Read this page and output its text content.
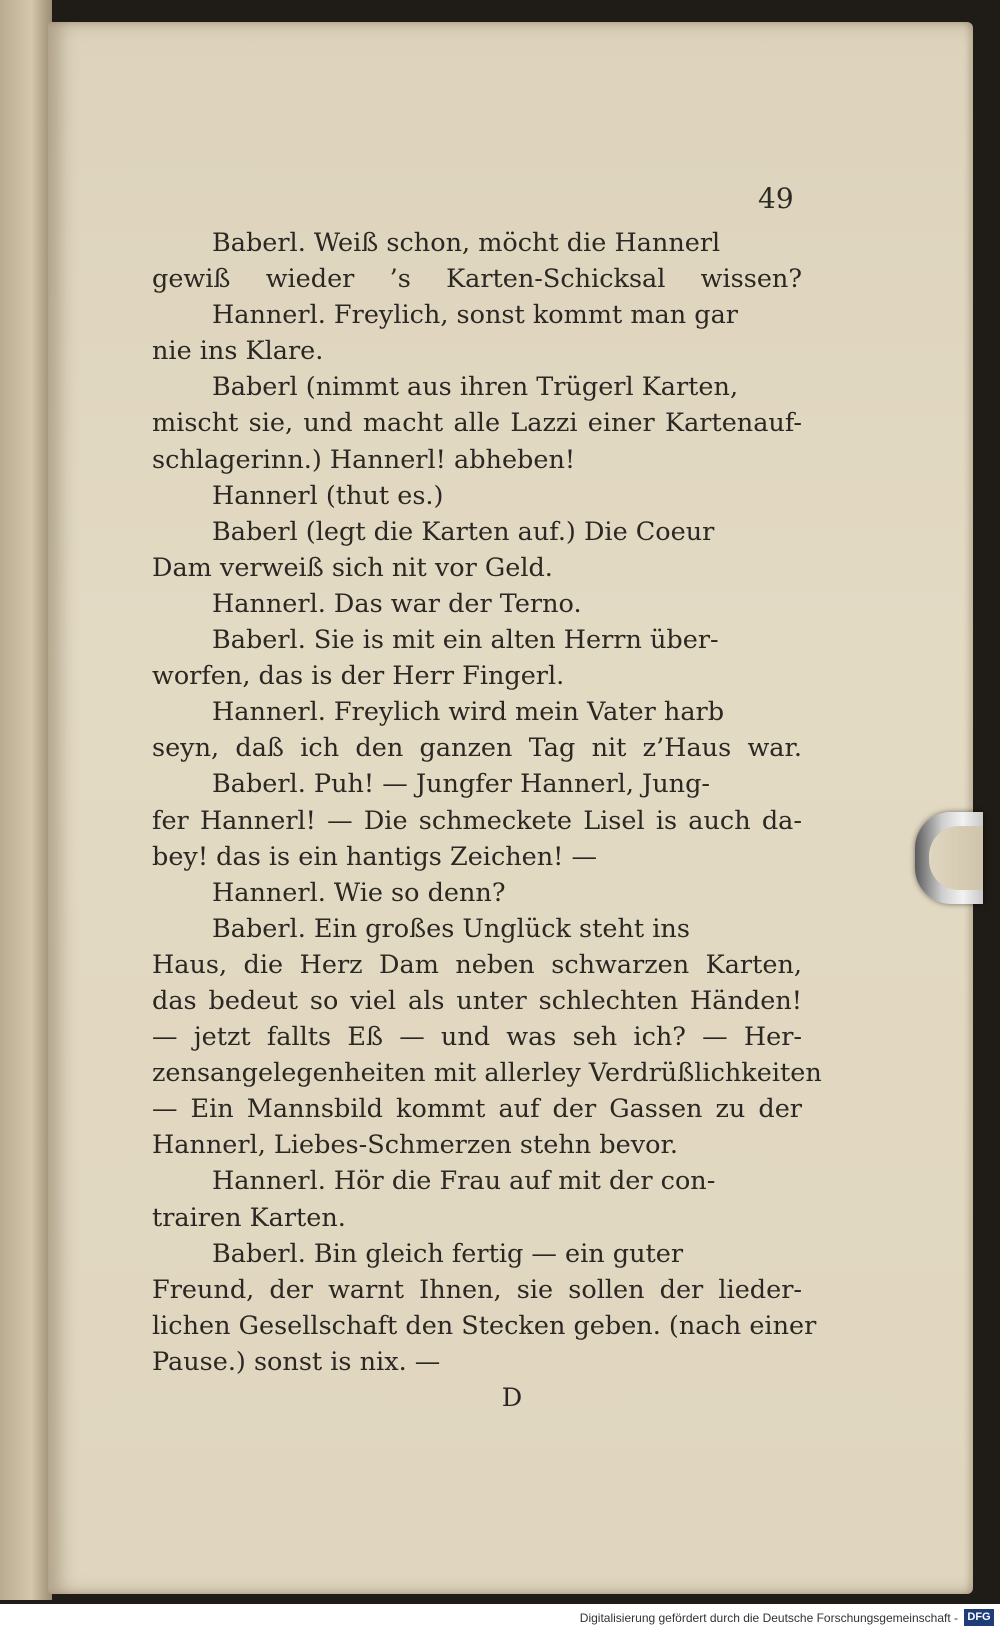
49
Baberl. Weiß schon, möcht die Hannerl
gewiß wieder ’s Karten-Schicksal wissen?
Hannerl. Freylich, sonst kommt man gar
nie ins Klare.
Baberl (nimmt aus ihren Trügerl Karten,
mischt sie, und macht alle Lazzi einer Kartenauf-
schlagerinn.) Hannerl! abheben!
Hannerl (thut es.)
Baberl (legt die Karten auf.) Die Coeur
Dam verweiß sich nit vor Geld.
Hannerl. Das war der Terno.
Baberl. Sie is mit ein alten Herrn über-
worfen, das is der Herr Fingerl.
Hannerl. Freylich wird mein Vater harb
seyn, daß ich den ganzen Tag nit z’Haus war.
Baberl. Puh! — Jungfer Hannerl, Jung-
fer Hannerl! — Die schmeckete Lisel is auch da-
bey! das is ein hantigs Zeichen! —
Hannerl. Wie so denn?
Baberl. Ein großes Unglück steht ins
Haus, die Herz Dam neben schwarzen Karten,
das bedeut so viel als unter schlechten Händen!
— jetzt fallts Eß — und was seh ich? — Her-
zensangelegenheiten mit allerley Verdrüßlichkeiten
— Ein Mannsbild kommt auf der Gassen zu der
Hannerl, Liebes-Schmerzen stehn bevor.
Hannerl. Hör die Frau auf mit der con-
trairen Karten.
Baberl. Bin gleich fertig — ein guter
Freund, der warnt Ihnen, sie sollen der lieder-
lichen Gesellschaft den Stecken geben. (nach einer
Pause.) sonst is nix. —
D
Digitalisierung gefördert durch die Deutsche Forschungsgemeinschaft - DFG
